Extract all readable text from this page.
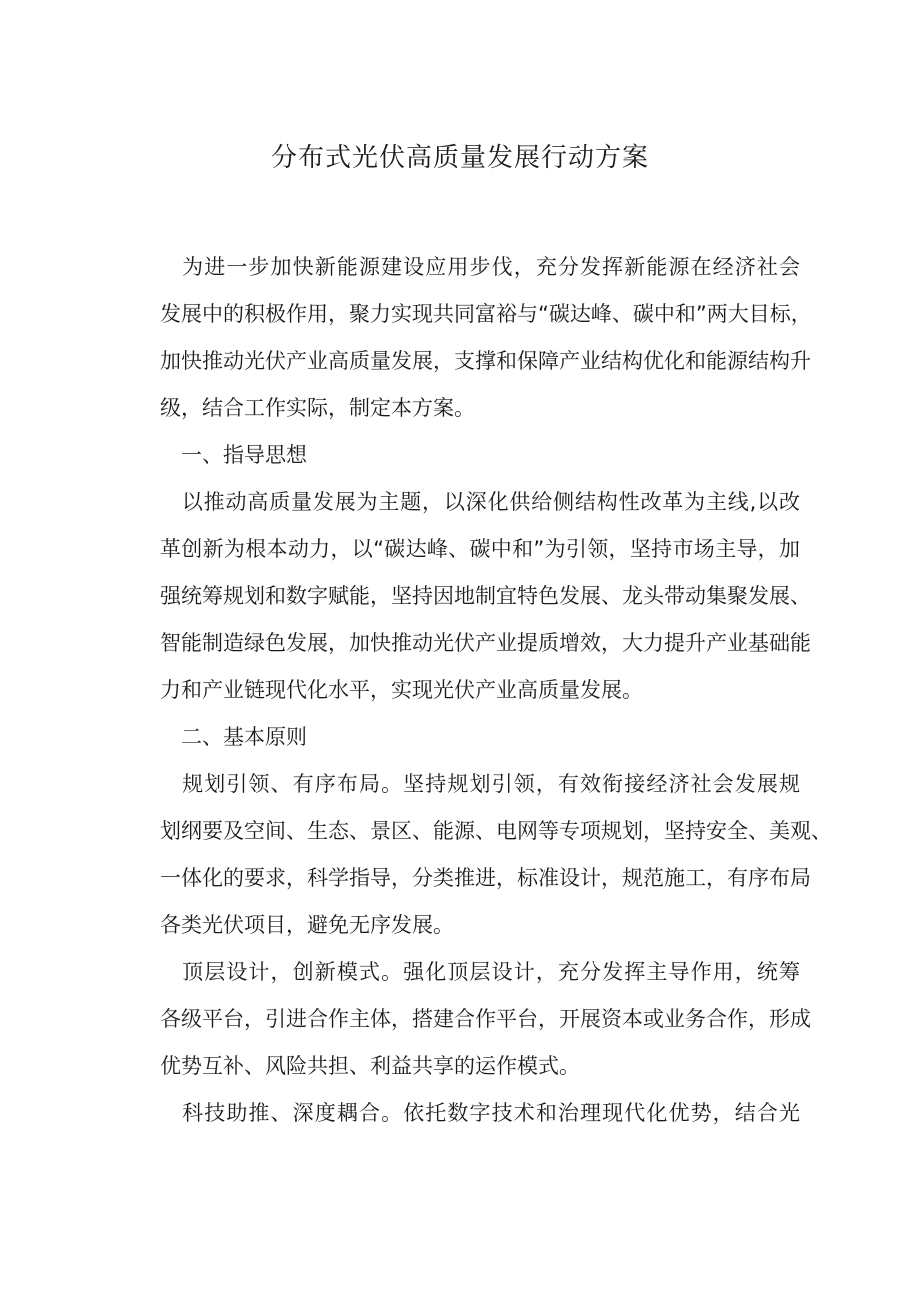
分布式光伏高质量发展行动方案
为进一步加快新能源建设应用步伐，充分发挥新能源在经济社会
发展中的积极作用，聚力实现共同富裕与“碳达峰、碳中和”两大目标，
加快推动光伏产业高质量发展，支撑和保障产业结构优化和能源结构升
级，结合工作实际，制定本方案。
一、指导思想
以推动高质量发展为主题，以深化供给侧结构性改革为主线,以改
革创新为根本动力，以“碳达峰、碳中和”为引领，坚持市场主导，加
强统筹规划和数字赋能，坚持因地制宜特色发展、龙头带动集聚发展、
智能制造绿色发展，加快推动光伏产业提质增效，大力提升产业基础能
力和产业链现代化水平，实现光伏产业高质量发展。
二、基本原则
规划引领、有序布局。坚持规划引领，有效衔接经济社会发展规
划纲要及空间、生态、景区、能源、电网等专项规划，坚持安全、美观、
一体化的要求，科学指导，分类推进，标准设计，规范施工，有序布局
各类光伏项目，避免无序发展。
顶层设计，创新模式。强化顶层设计，充分发挥主导作用，统筹
各级平台，引进合作主体，搭建合作平台，开展资本或业务合作，形成
优势互补、风险共担、利益共享的运作模式。
科技助推、深度耦合。依托数字技术和治理现代化优势，结合光
